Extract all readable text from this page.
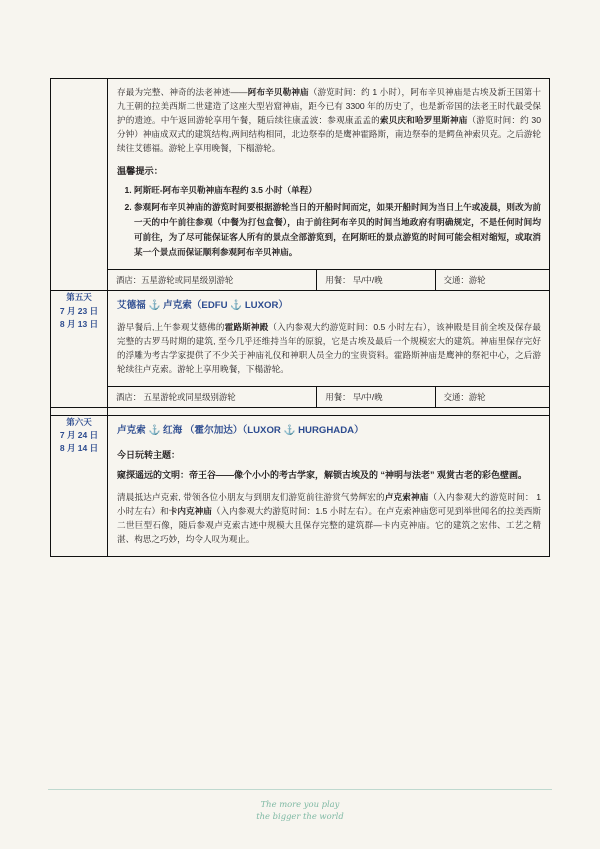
存最为完整、神奇的法老神迹——阿布辛贝勒神庙（游览时间：约 1 小时），阿布辛贝神庙是古埃及新王国第十九王朝的拉美西斯二世建造了这座大型岩窟神庙，距今已有 3300 年的历史了，也是新帝国的法老王时代最受保护的遗迹。中午返回游轮享用午餐，随后续往康孟波：参观康孟孟的索贝庆和哈罗里斯神庙（游览时间：约 30 分钟）神庙成双式的建筑结构,两间结构相同，北边祭奉的是鹰神霍路斯，南边祭奉的是鳄鱼神索贝克。之后游轮续往艾德福。游轮上享用晚餐，下榻游轮。

温馨提示：
1. 阿斯旺-阿布辛贝勒神庙车程约 3.5 小时（单程）
2. 参观阿布辛贝神庙的游览时间要根据游轮当日的开船时间而定，如果开船时间为当日上午或凌晨，则改为前一天的中午前往参观（中餐为打包盒餐），由于前往阿布辛贝的时间当地政府有明确规定，不是任何时间均可前往，为了尽可能保证客人所有的景点全部游览到，在阿斯旺的景点游览的时间可能会相对缩短，或取消某一个景点而保证顺利参观阿布辛贝神庙。
酒店：五星游轮或同星级别游轮	用餐： 早/中/晚	交通：游轮

第五天
7 月 23 日
8 月 13 日

艾德福 ⚓ 卢克索（EDFU ⚓ LUXOR）

游早餐后,上午参观艾德佛的霍路斯神殿（入内参观大约游览时间：0.5 小时左右），该神殿是目前全埃及保存最完整的古罗马时期的建筑, 至今几乎还维持当年的原貌，它是古埃及最后一个规模宏大的建筑。神庙里保存完好的浮雕为考古学家提供了不少关于神庙礼仪和神职人员全力的宝贵资料。霍路斯神庙是鹰神的祭祀中心，之后游轮续往卢克索。游轮上享用晚餐，下榻游轮。

酒店： 五星游轮或同星级别游轮	用餐： 早/中/晚	交通：游轮

第六天
7 月 24 日
8 月 14 日

卢克索 ⚓ 红海 （霍尔加达）（LUXOR ⚓ HURGHADA）
今日玩转主题：
窥探遥远的文明：帝王谷——像个小小的考古学家，解锁古埃及的 “神明与法老” 观赏古老的彩色壁画。

清晨抵达卢克索, 带领各位小朋友与到朋友们游览前往游赏气势辉宏的卢克索神庙（入内参观大约游览时间： 1 小时左右）和卡内克神庙（入内参观大约游览时间：1.5 小时左右）。在卢克索神庙您可见到举世闻名的拉美西斯二世巨型石像，随后参观卢克索古迹中规模大且保存完整的建筑群—卡内克神庙。它的建筑之宏伟、工艺之精湛、构思之巧妙，均令人叹为观止。

The more you play
the bigger the world
